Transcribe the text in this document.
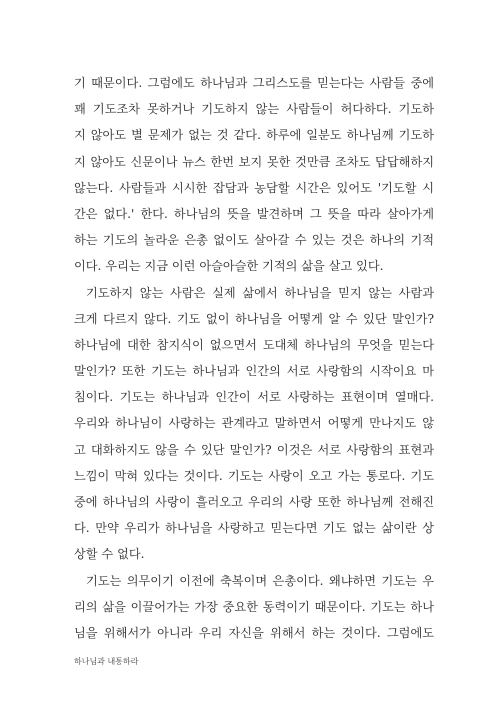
기 때문이다. 그럼에도 하나님과 그리스도를 믿는다는 사람들 중에
꽤 기도조차 못하거나 기도하지 않는 사람들이 허다하다. 기도하
지 않아도 별 문제가 없는 것 같다. 하루에 일분도 하나님께 기도하
지 않아도 신문이나 뉴스 한번 보지 못한 것만큼 조차도 답답해하지
않는다. 사람들과 시시한 잡담과 농담할 시간은 있어도 '기도할 시
간은 없다.' 한다. 하나님의 뜻을 발견하며 그 뜻을 따라 살아가게
하는 기도의 놀라운 은총 없이도 살아갈 수 있는 것은 하나의 기적
이다. 우리는 지금 이런 아슬아슬한 기적의 삶을 살고 있다.
기도하지 않는 사람은 실제 삶에서 하나님을 믿지 않는 사람과
크게 다르지 않다. 기도 없이 하나님을 어떻게 알 수 있단 말인가?
하나님에 대한 참지식이 없으면서 도대체 하나님의 무엇을 믿는다
말인가? 또한 기도는 하나님과 인간의 서로 사랑함의 시작이요 마
침이다. 기도는 하나님과 인간이 서로 사랑하는 표현이며 열매다.
우리와 하나님이 사랑하는 관계라고 말하면서 어떻게 만나지도 않
고 대화하지도 않을 수 있단 말인가? 이것은 서로 사랑함의 표현과
느낌이 막혀 있다는 것이다. 기도는 사랑이 오고 가는 통로다. 기도
중에 하나님의 사랑이 흘러오고 우리의 사랑 또한 하나님께 전해진
다. 만약 우리가 하나님을 사랑하고 믿는다면 기도 없는 삶이란 상
상할 수 없다.
기도는 의무이기 이전에 축복이며 은총이다. 왜냐하면 기도는 우
리의 삶을 이끌어가는 가장 중요한 동력이기 때문이다. 기도는 하나
님을 위해서가 아니라 우리 자신을 위해서 하는 것이다. 그럼에도
하나님과 내통하라
